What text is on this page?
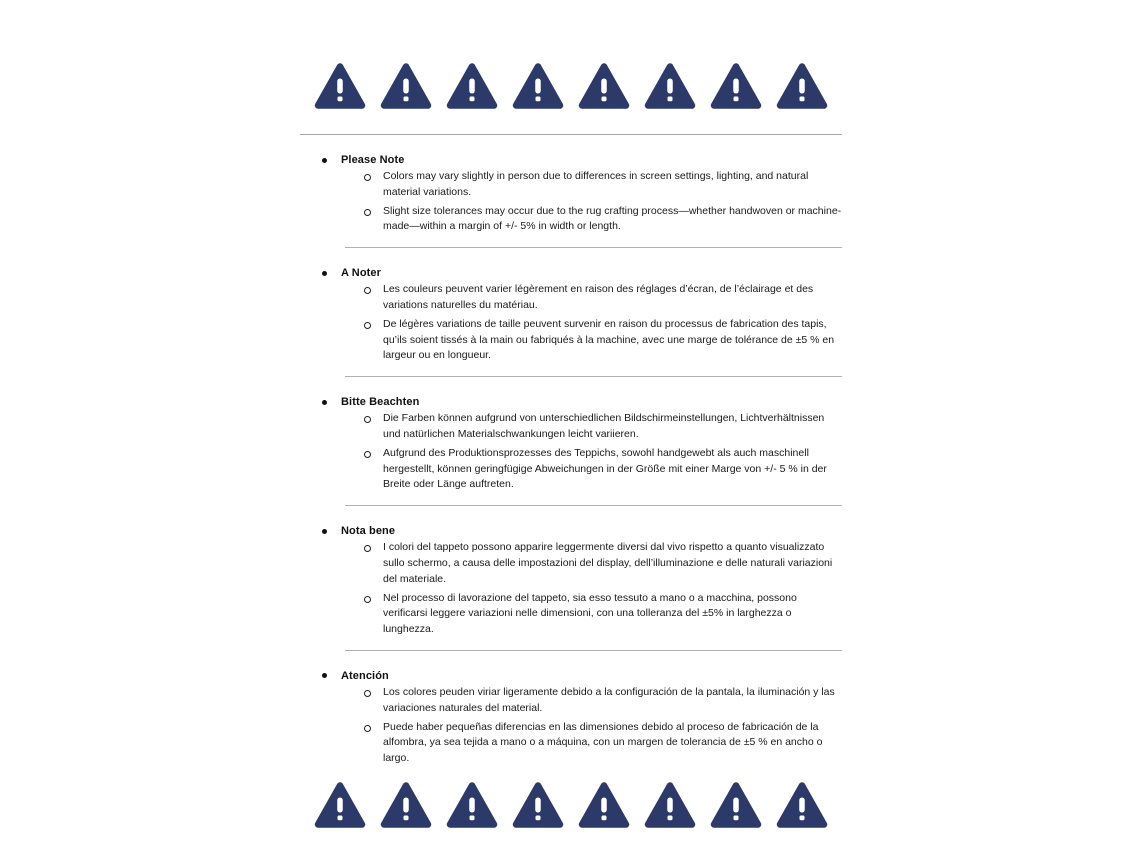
Please Note

Colors may vary slightly in person due to differences in screen settings, lighting, and natural material variations.

Slight size tolerances may occur due to the rug crafting process—whether handwoven or machine-made—within a margin of +/- 5% in width or length.

A Noter

Les couleurs peuvent varier légèrement en raison des réglages d’écran, de l’éclairage et des variations naturelles du matériau.

De légères variations de taille peuvent survenir en raison du processus de fabrication des tapis, qu’ils soient tissés à la main ou fabriqués à la machine, avec une marge de tolérance de ±5 % en largeur ou en longueur.

Bitte Beachten

Die Farben können aufgrund von unterschiedlichen Bildschirmeinstellungen, Lichtverhältnissen und natürlichen Materialschwankungen leicht variieren.

Aufgrund des Produktionsprozesses des Teppichs, sowohl handgewebt als auch maschinell hergestellt, können geringfügige Abweichungen in der Größe mit einer Marge von +/- 5 % in der Breite oder Länge auftreten.

Nota bene

I colori del tappeto possono apparire leggermente diversi dal vivo rispetto a quanto visualizzato sullo schermo, a causa delle impostazioni del display, dell’illuminazione e delle naturali variazioni del materiale.

Nel processo di lavorazione del tappeto, sia esso tessuto a mano o a macchina, possono verificarsi leggere variazioni nelle dimensioni, con una tolleranza del ±5% in larghezza o lunghezza.

Atención

Los colores peuden viriar ligeramente debido a la configuración de la pantala, la iluminación y las variaciones naturales del material.

Puede haber pequeñas diferencias en las dimensiones debido al proceso de fabricación de la alfombra, ya sea tejida a mano o a máquina, con un margen de tolerancia de ±5 % en ancho o largo.
